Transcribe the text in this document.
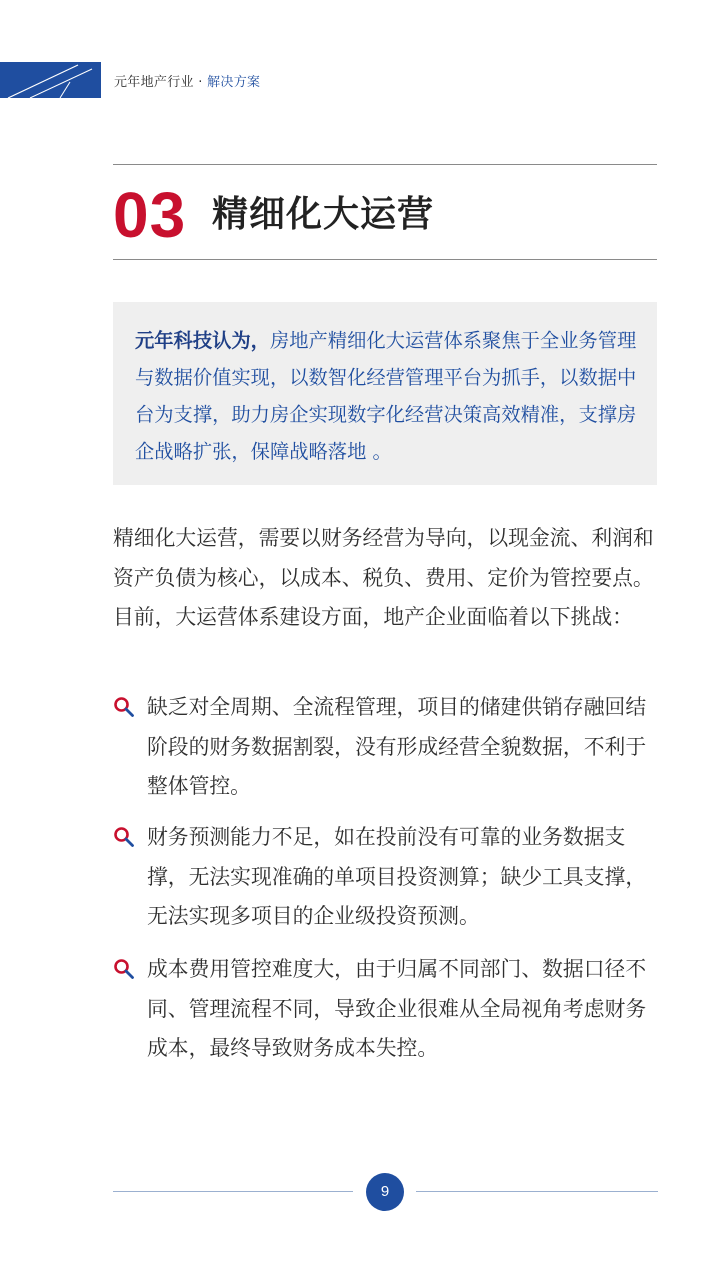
元年地产行业 · 解决方案
03 精细化大运营

元年科技认为，房地产精细化大运营体系聚焦于全业务管理与数据价值实现，以数智化经营管理平台为抓手，以数据中台为支撑，助力房企实现数字化经营决策高效精准，支撑房企战略扩张，保障战略落地 。

精细化大运营，需要以财务经营为导向，以现金流、利润和资产负债为核心，以成本、税负、费用、定价为管控要点。目前，大运营体系建设方面，地产企业面临着以下挑战：

缺乏对全周期、全流程管理，项目的储建供销存融回结阶段的财务数据割裂，没有形成经营全貌数据，不利于整体管控。

财务预测能力不足，如在投前没有可靠的业务数据支撑，无法实现准确的单项目投资测算；缺少工具支撑，无法实现多项目的企业级投资预测。

成本费用管控难度大，由于归属不同部门、数据口径不同、管理流程不同，导致企业很难从全局视角考虑财务成本，最终导致财务成本失控。

9
